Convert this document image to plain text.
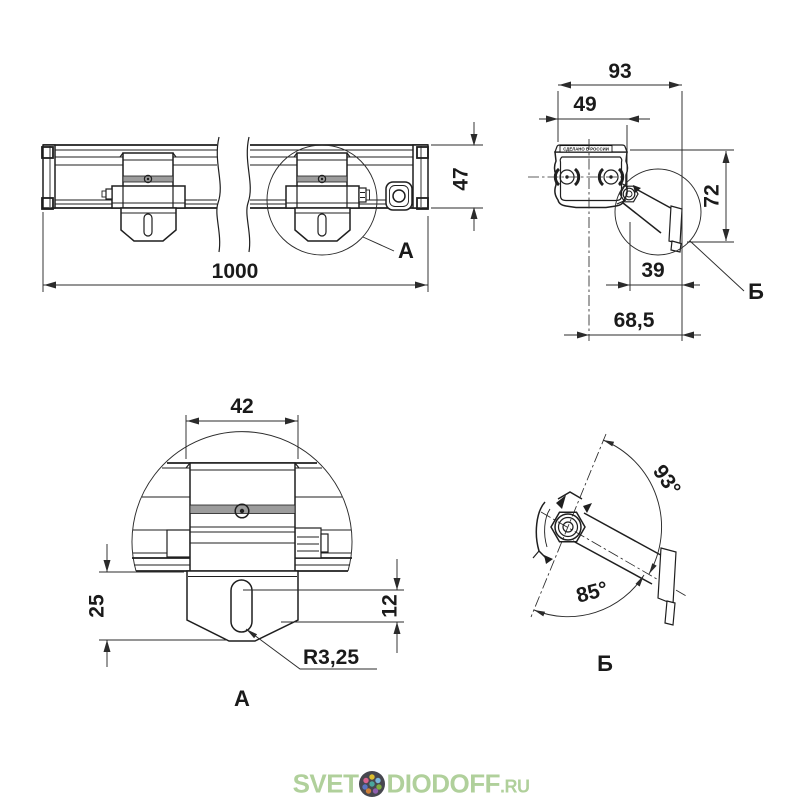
А
1000
47
СДЕЛАНО В РОССИИ
Б
93
49
72
39
68,5
42
25	12
R3,25
А
93°
85°
Б
SVET DIODOFF.RU
